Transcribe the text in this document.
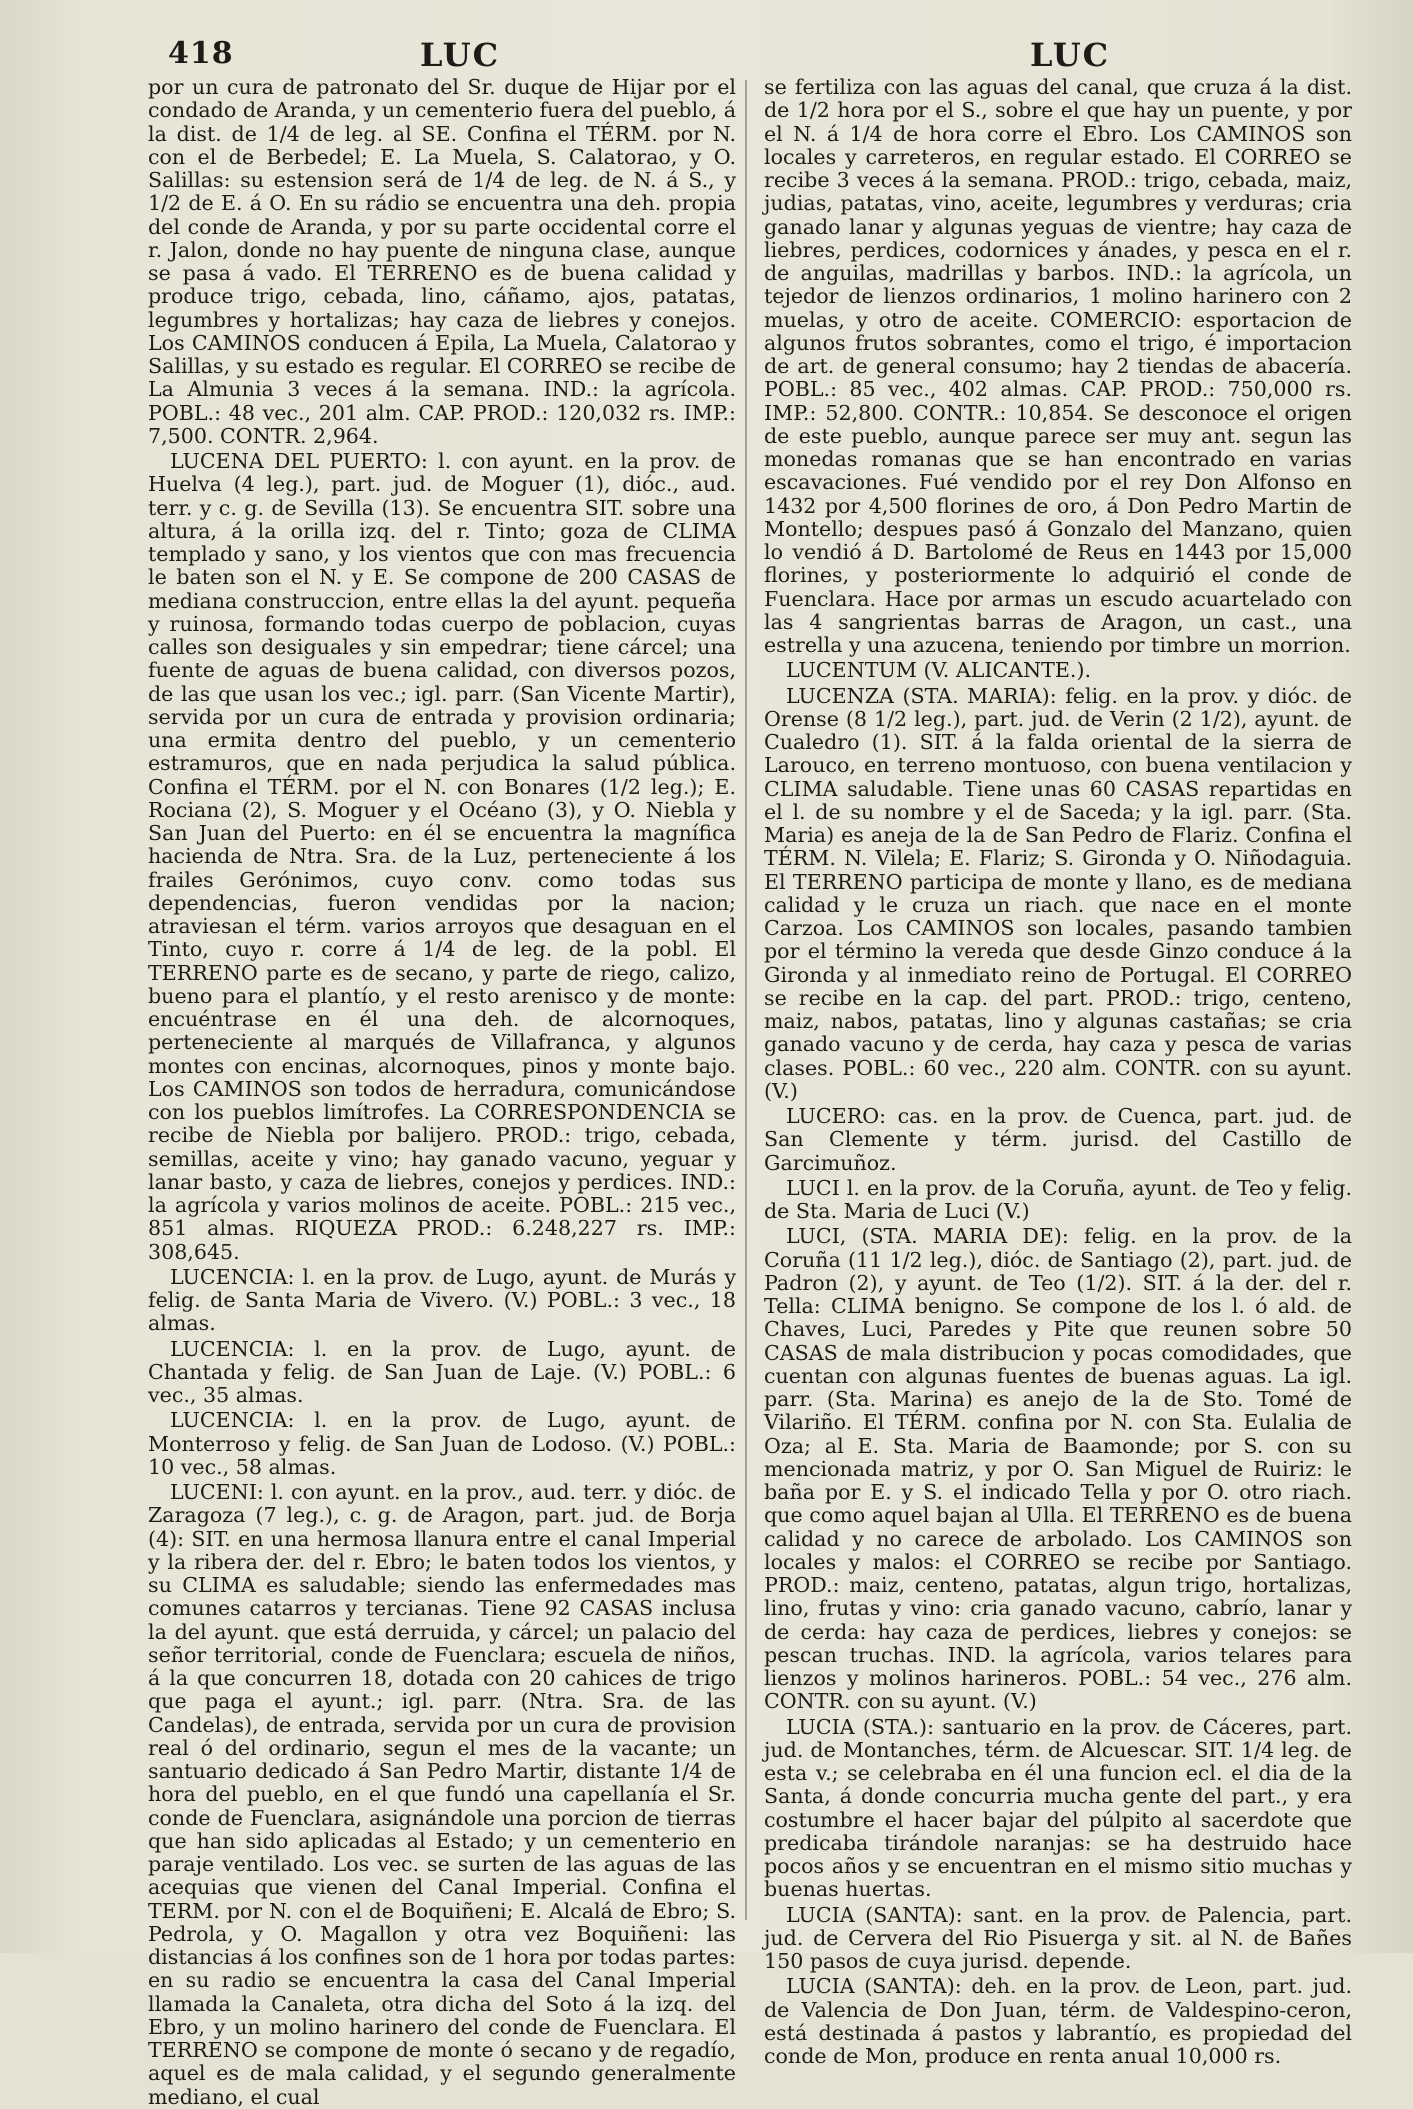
418	LUC	LUC

por un cura de patronato del Sr. duque de Hijar por el condado de Aranda, y un cementerio fuera del pueblo, á la dist. de 1/4 de leg. al SE. Confina el TÉRM. por N. con el de Berbedel; E. La Muela, S. Calatorao, y O. Salillas: su estension será de 1/4 de leg. de N. á S., y 1/2 de E. á O. En su rádio se encuentra una deh. propia del conde de Aranda, y por su parte occidental corre el r. Jalon, donde no hay puente de ninguna clase, aunque se pasa á vado. El TERRENO es de buena calidad y produce trigo, cebada, lino, cáñamo, ajos, patatas, legumbres y hortalizas; hay caza de liebres y conejos. Los CAMINOS conducen á Epila, La Muela, Calatorao y Salillas, y su estado es regular. El CORREO se recibe de La Almunia 3 veces á la semana. IND.: la agrícola. POBL.: 48 vec., 201 alm. CAP. PROD.: 120,032 rs. IMP.: 7,500. CONTR. 2,964.

LUCENA DEL PUERTO: l. con ayunt. en la prov. de Huelva (4 leg.), part. jud. de Moguer (1), dióc., aud. terr. y c. g. de Sevilla (13). Se encuentra SIT. sobre una altura, á la orilla izq. del r. Tinto; goza de CLIMA templado y sano, y los vientos que con mas frecuencia le baten son el N. y E. Se compone de 200 CASAS de mediana construccion, entre ellas la del ayunt. pequeña y ruinosa, formando todas cuerpo de poblacion, cuyas calles son desiguales y sin empedrar; tiene cárcel; una fuente de aguas de buena calidad, con diversos pozos, de las que usan los vec.; igl. parr. (San Vicente Martir), servida por un cura de entrada y provision ordinaria; una ermita dentro del pueblo, y un cementerio estramuros, que en nada perjudica la salud pública. Confina el TÉRM. por el N. con Bonares (1/2 leg.); E. Rociana (2), S. Moguer y el Océano (3), y O. Niebla y San Juan del Puerto: en él se encuentra la magnífica hacienda de Ntra. Sra. de la Luz, perteneciente á los frailes Gerónimos, cuyo conv. como todas sus dependencias, fueron vendidas por la nacion; atraviesan el térm. varios arroyos que desaguan en el Tinto, cuyo r. corre á 1/4 de leg. de la pobl. El TERRENO parte es de secano, y parte de riego, calizo, bueno para el plantío, y el resto arenisco y de monte: encuéntrase en él una deh. de alcornoques, perteneciente al marqués de Villafranca, y algunos montes con encinas, alcornoques, pinos y monte bajo. Los CAMINOS son todos de herradura, comunicándose con los pueblos limítrofes. La CORRESPONDENCIA se recibe de Niebla por balijero. PROD.: trigo, cebada, semillas, aceite y vino; hay ganado vacuno, yeguar y lanar basto, y caza de liebres, conejos y perdices. IND.: la agrícola y varios molinos de aceite. POBL.: 215 vec., 851 almas. RIQUEZA PROD.: 6.248,227 rs. IMP.: 308,645.

LUCENCIA: l. en la prov. de Lugo, ayunt. de Murás y felig. de Santa Maria de Vivero. (V.) POBL.: 3 vec., 18 almas.

LUCENCIA: l. en la prov. de Lugo, ayunt. de Chantada y felig. de San Juan de Laje. (V.) POBL.: 6 vec., 35 almas.

LUCENCIA: l. en la prov. de Lugo, ayunt. de Monterroso y felig. de San Juan de Lodoso. (V.) POBL.: 10 vec., 58 almas.

LUCENI: l. con ayunt. en la prov., aud. terr. y dióc. de Zaragoza (7 leg.), c. g. de Aragon, part. jud. de Borja (4): SIT. en una hermosa llanura entre el canal Imperial y la ribera der. del r. Ebro; le baten todos los vientos, y su CLIMA es saludable; siendo las enfermedades mas comunes catarros y tercianas. Tiene 92 CASAS inclusa la del ayunt. que está derruida, y cárcel; un palacio del señor territorial, conde de Fuenclara; escuela de niños, á la que concurren 18, dotada con 20 cahices de trigo que paga el ayunt.; igl. parr. (Ntra. Sra. de las Candelas), de entrada, servida por un cura de provision real ó del ordinario, segun el mes de la vacante; un santuario dedicado á San Pedro Martir, distante 1/4 de hora del pueblo, en el que fundó una capellanía el Sr. conde de Fuenclara, asignándole una porcion de tierras que han sido aplicadas al Estado; y un cementerio en paraje ventilado. Los vec. se surten de las aguas de las acequias que vienen del Canal Imperial. Confina el TERM. por N. con el de Boquiñeni; E. Alcalá de Ebro; S. Pedrola, y O. Magallon y otra vez Boquiñeni: las distancias á los confines son de 1 hora por todas partes: en su radio se encuentra la casa del Canal Imperial llamada la Canaleta, otra dicha del Soto á la izq. del Ebro, y un molino harinero del conde de Fuenclara. El TERRENO se compone de monte ó secano y de regadío, aquel es de mala calidad, y el segundo generalmente mediano, el cual

se fertiliza con las aguas del canal, que cruza á la dist. de 1/2 hora por el S., sobre el que hay un puente, y por el N. á 1/4 de hora corre el Ebro. Los CAMINOS son locales y carreteros, en regular estado. El CORREO se recibe 3 veces á la semana. PROD.: trigo, cebada, maiz, judias, patatas, vino, aceite, legumbres y verduras; cria ganado lanar y algunas yeguas de vientre; hay caza de liebres, perdices, codornices y ánades, y pesca en el r. de anguilas, madrillas y barbos. IND.: la agrícola, un tejedor de lienzos ordinarios, 1 molino harinero con 2 muelas, y otro de aceite. COMERCIO: esportacion de algunos frutos sobrantes, como el trigo, é importacion de art. de general consumo; hay 2 tiendas de abacería. POBL.: 85 vec., 402 almas. CAP. PROD.: 750,000 rs. IMP.: 52,800. CONTR.: 10,854. Se desconoce el origen de este pueblo, aunque parece ser muy ant. segun las monedas romanas que se han encontrado en varias escavaciones. Fué vendido por el rey Don Alfonso en 1432 por 4,500 florines de oro, á Don Pedro Martin de Montello; despues pasó á Gonzalo del Manzano, quien lo vendió á D. Bartolomé de Reus en 1443 por 15,000 florines, y posteriormente lo adquirió el conde de Fuenclara. Hace por armas un escudo acuartelado con las 4 sangrientas barras de Aragon, un cast., una estrella y una azucena, teniendo por timbre un morrion.

LUCENTUM (V. ALICANTE.).

LUCENZA (STA. MARIA): felig. en la prov. y dióc. de Orense (8 1/2 leg.), part. jud. de Verin (2 1/2), ayunt. de Cualedro (1). SIT. á la falda oriental de la sierra de Larouco, en terreno montuoso, con buena ventilacion y CLIMA saludable. Tiene unas 60 CASAS repartidas en el l. de su nombre y el de Saceda; y la igl. parr. (Sta. Maria) es aneja de la de San Pedro de Flariz. Confina el TÉRM. N. Vilela; E. Flariz; S. Gironda y O. Niñodaguia. El TERRENO participa de monte y llano, es de mediana calidad y le cruza un riach. que nace en el monte Carzoa. Los CAMINOS son locales, pasando tambien por el término la vereda que desde Ginzo conduce á la Gironda y al inmediato reino de Portugal. El CORREO se recibe en la cap. del part. PROD.: trigo, centeno, maiz, nabos, patatas, lino y algunas castañas; se cria ganado vacuno y de cerda, hay caza y pesca de varias clases. POBL.: 60 vec., 220 alm. CONTR. con su ayunt. (V.)

LUCERO: cas. en la prov. de Cuenca, part. jud. de San Clemente y térm. jurisd. del Castillo de Garcimuñoz.

LUCI l. en la prov. de la Coruña, ayunt. de Teo y felig. de Sta. Maria de Luci (V.)

LUCI, (STA. MARIA DE): felig. en la prov. de la Coruña (11 1/2 leg.), dióc. de Santiago (2), part. jud. de Padron (2), y ayunt. de Teo (1/2). SIT. á la der. del r. Tella: CLIMA benigno. Se compone de los l. ó ald. de Chaves, Luci, Paredes y Pite que reunen sobre 50 CASAS de mala distribucion y pocas comodidades, que cuentan con algunas fuentes de buenas aguas. La igl. parr. (Sta. Marina) es anejo de la de Sto. Tomé de Vilariño. El TÉRM. confina por N. con Sta. Eulalia de Oza; al E. Sta. Maria de Baamonde; por S. con su mencionada matriz, y por O. San Miguel de Ruiriz: le baña por E. y S. el indicado Tella y por O. otro riach. que como aquel bajan al Ulla. El TERRENO es de buena calidad y no carece de arbolado. Los CAMINOS son locales y malos: el CORREO se recibe por Santiago. PROD.: maiz, centeno, patatas, algun trigo, hortalizas, lino, frutas y vino: cria ganado vacuno, cabrío, lanar y de cerda: hay caza de perdices, liebres y conejos: se pescan truchas. IND. la agrícola, varios telares para lienzos y molinos harineros. POBL.: 54 vec., 276 alm. CONTR. con su ayunt. (V.)

LUCIA (STA.): santuario en la prov. de Cáceres, part. jud. de Montanches, térm. de Alcuescar. SIT. 1/4 leg. de esta v.; se celebraba en él una funcion ecl. el dia de la Santa, á donde concurria mucha gente del part., y era costumbre el hacer bajar del púlpito al sacerdote que predicaba tirándole naranjas: se ha destruido hace pocos años y se encuentran en el mismo sitio muchas y buenas huertas.

LUCIA (SANTA): sant. en la prov. de Palencia, part. jud. de Cervera del Rio Pisuerga y sit. al N. de Bañes 150 pasos de cuya jurisd. depende.

LUCIA (SANTA): deh. en la prov. de Leon, part. jud. de Valencia de Don Juan, térm. de Valdespino-ceron, está destinada á pastos y labrantío, es propiedad del conde de Mon, produce en renta anual 10,000 rs.
